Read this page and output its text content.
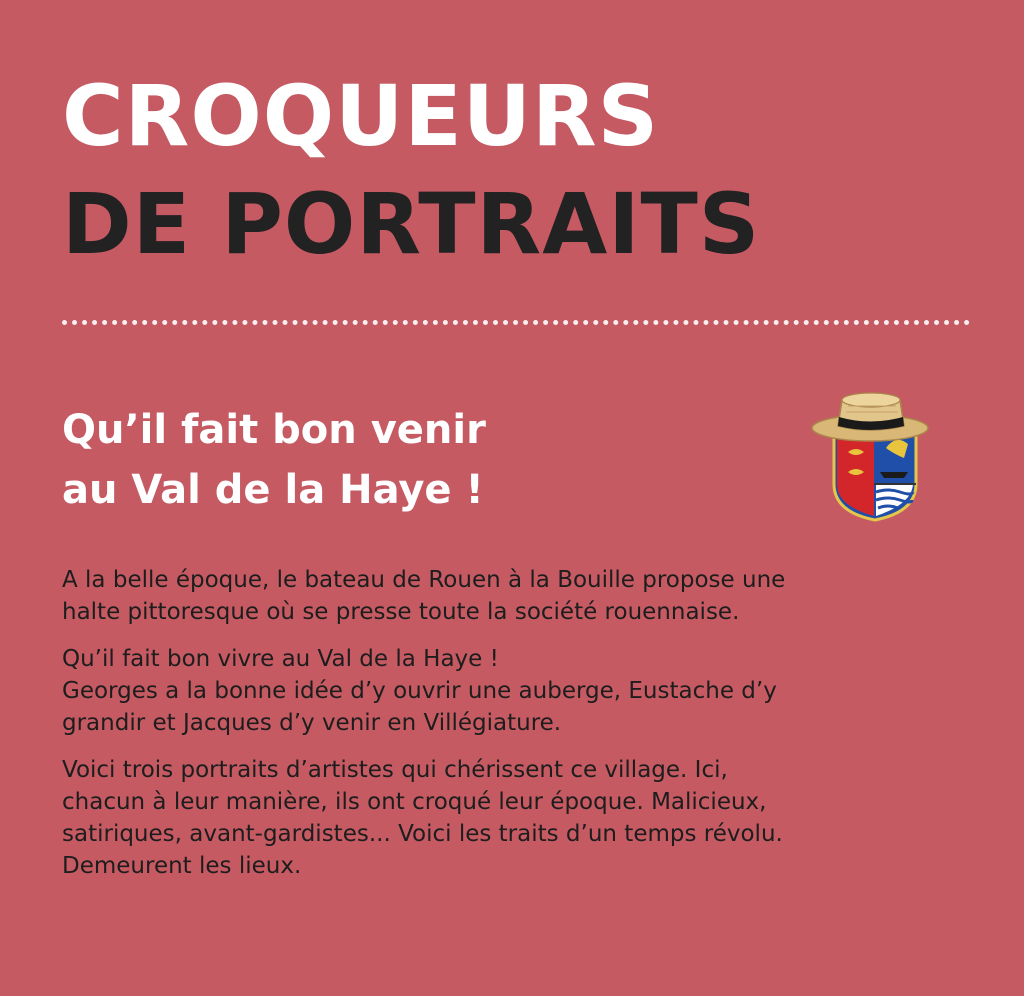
CROQUEURS
DE PORTRAITS
Qu’il fait bon venir
au Val de la Haye !

A la belle époque, le bateau de Rouen à la Bouille propose une
halte pittoresque où se presse toute la société rouennaise.

Qu’il fait bon vivre au Val de la Haye !
Georges a la bonne idée d’y ouvrir une auberge, Eustache d’y
grandir et Jacques d’y venir en Villégiature.

Voici trois portraits d’artistes qui chérissent ce village. Ici,
chacun à leur manière, ils ont croqué leur époque. Malicieux,
satiriques, avant-gardistes... Voici les traits d’un temps révolu.
Demeurent les lieux.
